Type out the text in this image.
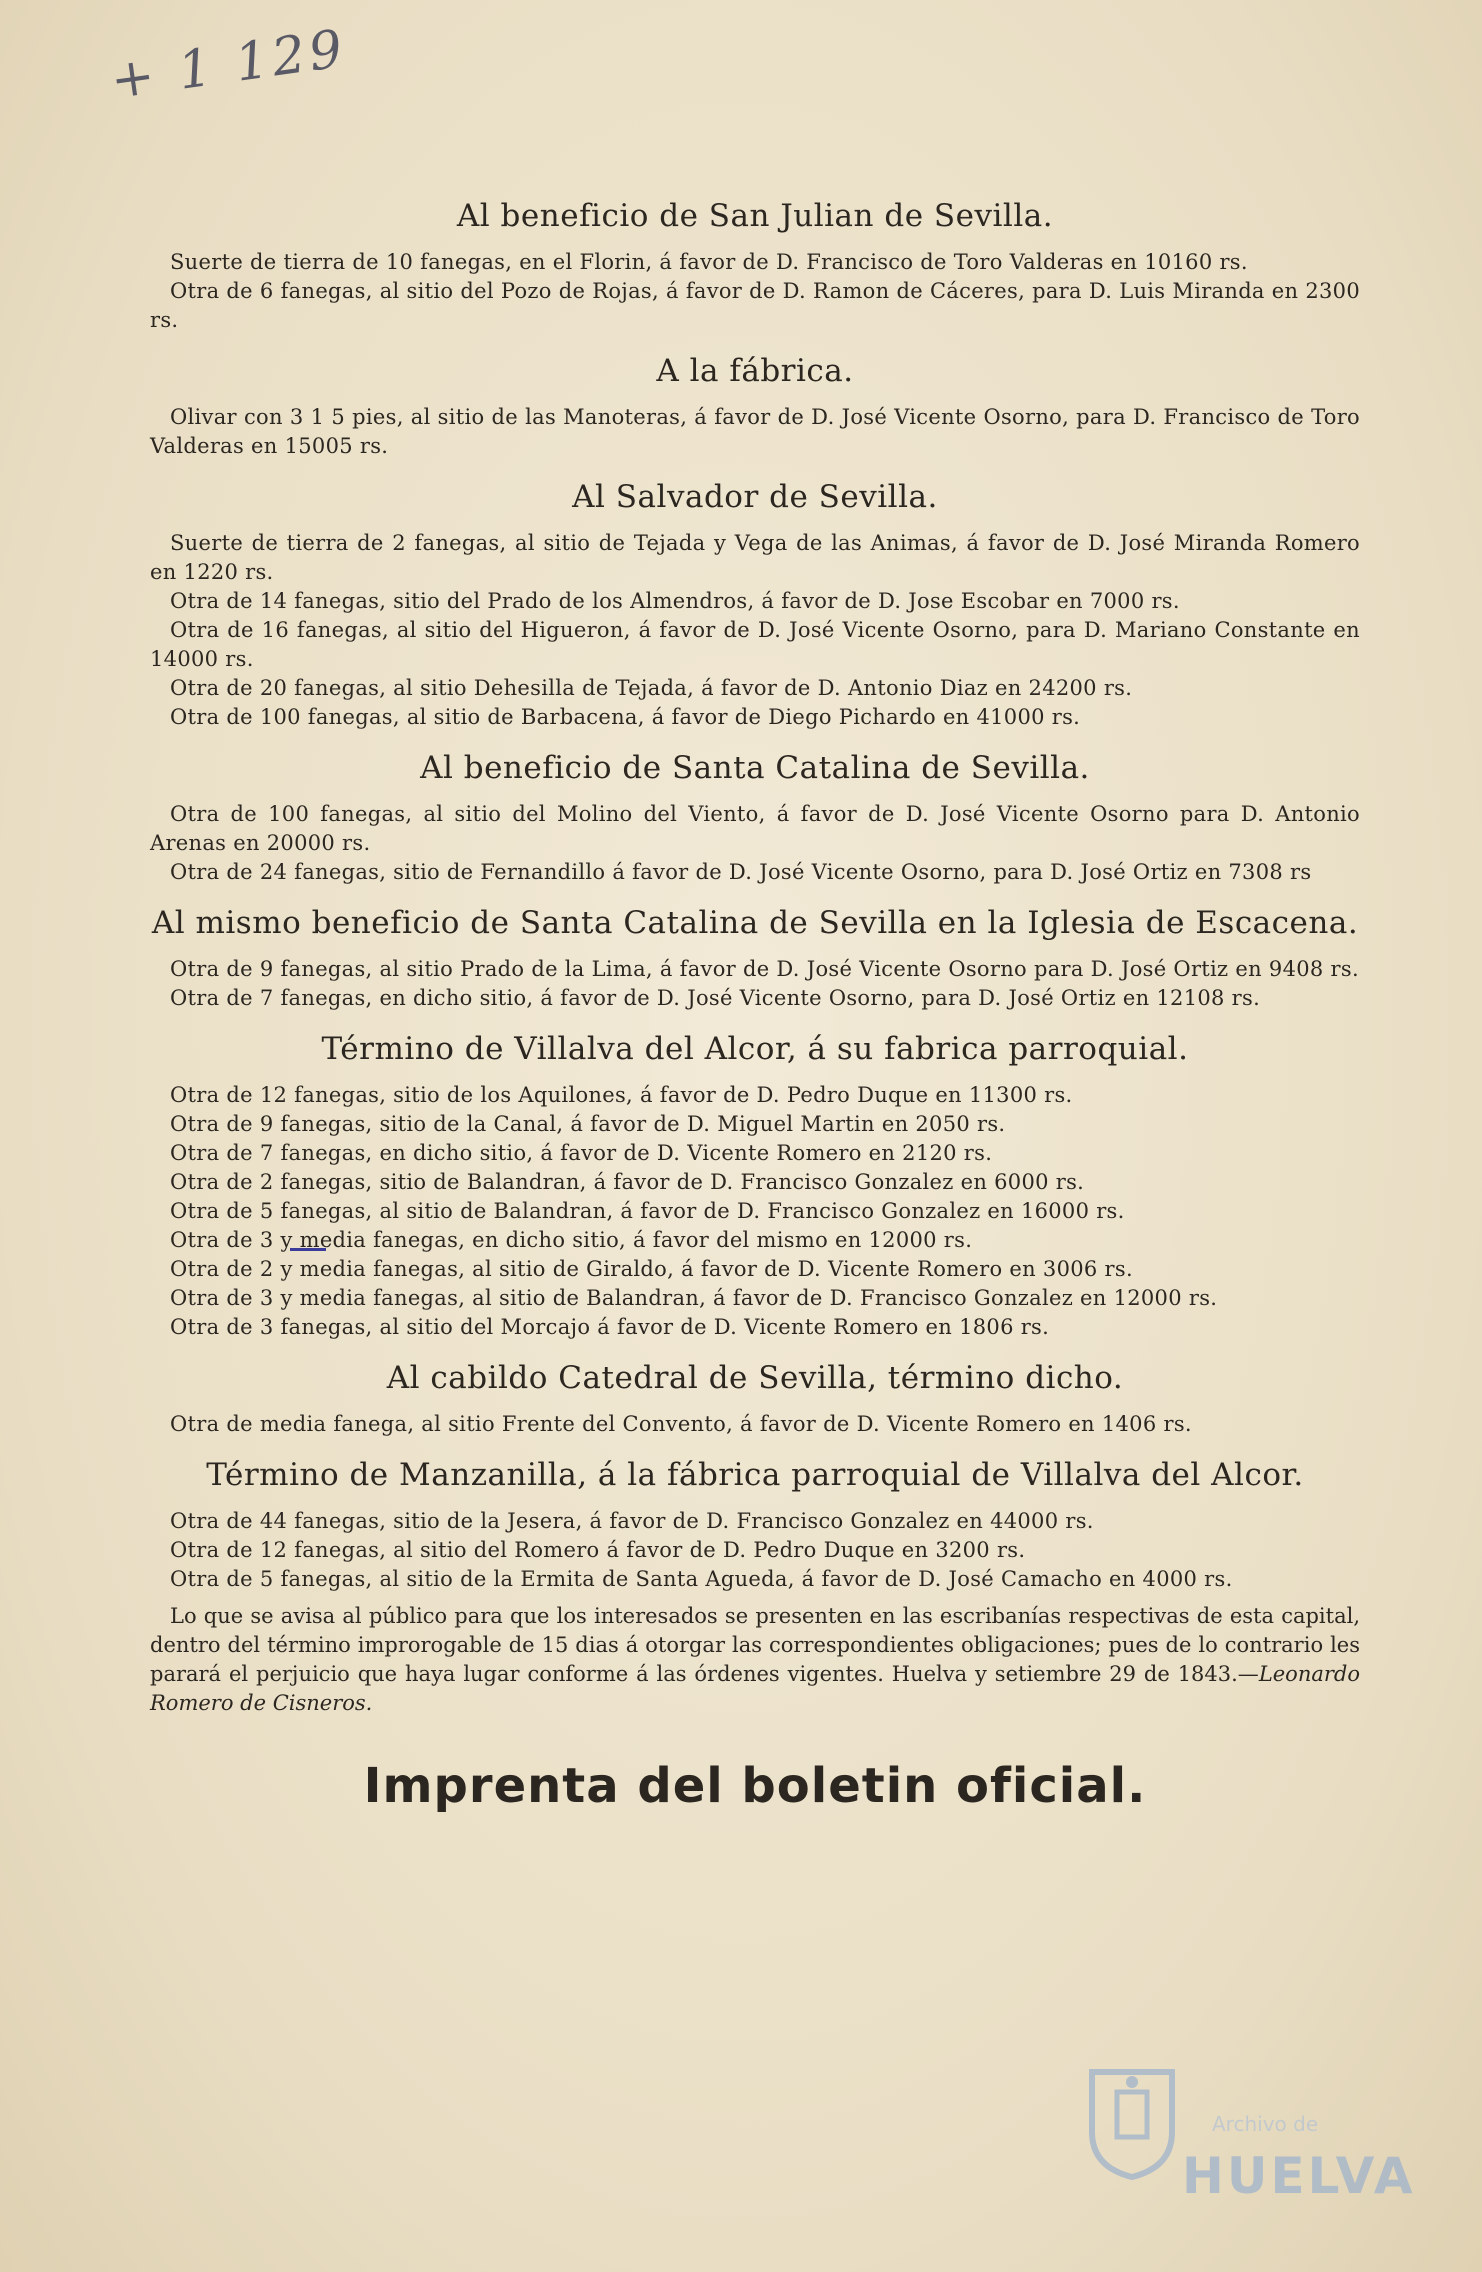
+ 1 129
Al beneficio de San Julian de Sevilla.

Suerte de tierra de 10 fanegas, en el Florin, á favor de D. Francisco de Toro Valderas en 10160 rs.

Otra de 6 fanegas, al sitio del Pozo de Rojas, á favor de D. Ramon de Cáceres, para D. Luis Miranda en 2300 rs.

A la fábrica.

Olivar con 3 1 5 pies, al sitio de las Manoteras, á favor de D. José Vicente Osorno, para D. Francisco de Toro Valderas en 15005 rs.

Al Salvador de Sevilla.

Suerte de tierra de 2 fanegas, al sitio de Tejada y Vega de las Animas, á favor de D. José Miranda Romero en 1220 rs.

Otra de 14 fanegas, sitio del Prado de los Almendros, á favor de D. Jose Escobar en 7000 rs.

Otra de 16 fanegas, al sitio del Higueron, á favor de D. José Vicente Osorno, para D. Mariano Constante en 14000 rs.

Otra de 20 fanegas, al sitio Dehesilla de Tejada, á favor de D. Antonio Diaz en 24200 rs.

Otra de 100 fanegas, al sitio de Barbacena, á favor de Diego Pichardo en 41000 rs.

Al beneficio de Santa Catalina de Sevilla.

Otra de 100 fanegas, al sitio del Molino del Viento, á favor de D. José Vicente Osorno para D. Antonio Arenas en 20000 rs.

Otra de 24 fanegas, sitio de Fernandillo á favor de D. José Vicente Osorno, para D. José Ortiz en 7308 rs

Al mismo beneficio de Santa Catalina de Sevilla en la Iglesia de Escacena.

Otra de 9 fanegas, al sitio Prado de la Lima, á favor de D. José Vicente Osorno para D. José Ortiz en 9408 rs.

Otra de 7 fanegas, en dicho sitio, á favor de D. José Vicente Osorno, para D. José Ortiz en 12108 rs.

Término de Villalva del Alcor, á su fabrica parroquial.

Otra de 12 fanegas, sitio de los Aquilones, á favor de D. Pedro Duque en 11300 rs.

Otra de 9 fanegas, sitio de la Canal, á favor de D. Miguel Martin en 2050 rs.

Otra de 7 fanegas, en dicho sitio, á favor de D. Vicente Romero en 2120 rs.

Otra de 2 fanegas, sitio de Balandran, á favor de D. Francisco Gonzalez en 6000 rs.

Otra de 5 fanegas, al sitio de Balandran, á favor de D. Francisco Gonzalez en 16000 rs.

Otra de 3 y media fanegas, en dicho sitio, á favor del mismo en 12000 rs.

Otra de 2 y media fanegas, al sitio de Giraldo, á favor de D. Vicente Romero en 3006 rs.

Otra de 3 y media fanegas, al sitio de Balandran, á favor de D. Francisco Gonzalez en 12000 rs.

Otra de 3 fanegas, al sitio del Morcajo á favor de D. Vicente Romero en 1806 rs.

Al cabildo Catedral de Sevilla, término dicho.

Otra de media fanega, al sitio Frente del Convento, á favor de D. Vicente Romero en 1406 rs.

Término de Manzanilla, á la fábrica parroquial de Villalva del Alcor.

Otra de 44 fanegas, sitio de la Jesera, á favor de D. Francisco Gonzalez en 44000 rs.

Otra de 12 fanegas, al sitio del Romero á favor de D. Pedro Duque en 3200 rs.

Otra de 5 fanegas, al sitio de la Ermita de Santa Agueda, á favor de D. José Camacho en 4000 rs.

Lo que se avisa al público para que los interesados se presenten en las escribanías respectivas de esta capital, dentro del término improrogable de 15 dias á otorgar las correspondientes obligaciones; pues de lo contrario les parará el perjuicio que haya lugar conforme á las órdenes vigentes. Huelva y setiembre 29 de 1843.—Leonardo Romero de Cisneros.

Imprenta del boletin oficial.
Archivo de
HUELVA
